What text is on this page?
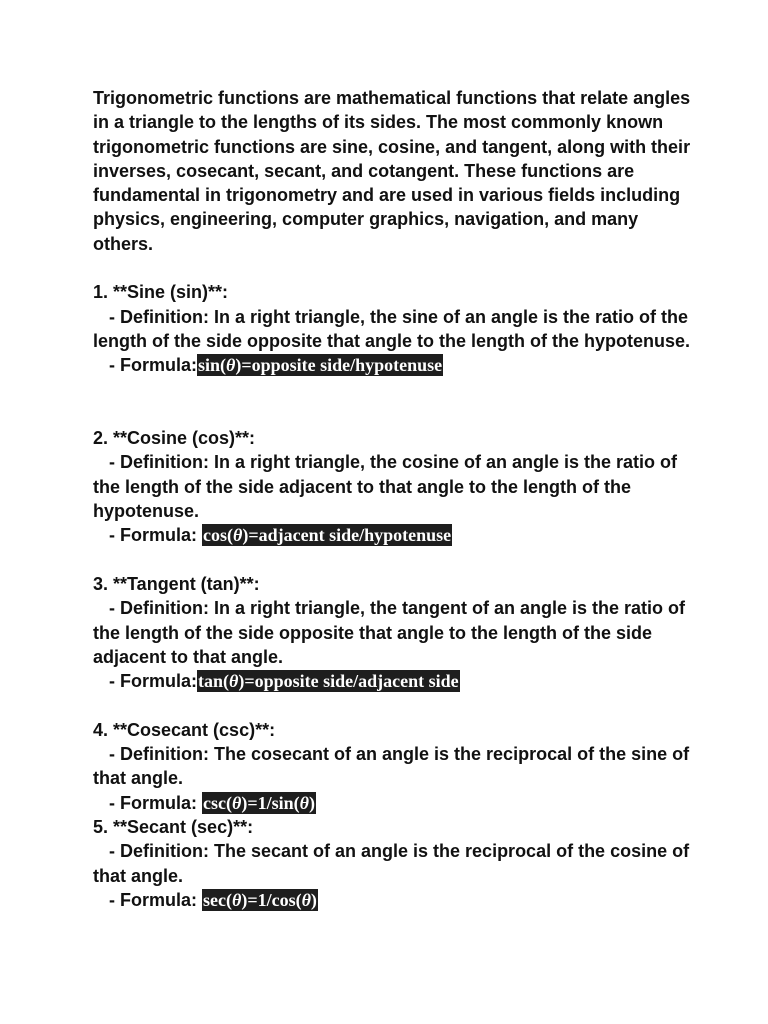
Trigonometric functions are mathematical functions that relate angles in a triangle to the lengths of its sides. The most commonly known trigonometric functions are sine, cosine, and tangent, along with their inverses, cosecant, secant, and cotangent. These functions are fundamental in trigonometry and are used in various fields including physics, engineering, computer graphics, navigation, and many others.

1. **Sine (sin)**:
- Definition: In a right triangle, the sine of an angle is the ratio of the length of the side opposite that angle to the length of the hypotenuse.
- Formula:sin(θ)=opposite side/hypotenuse
2. **Cosine (cos)**:
- Definition: In a right triangle, the cosine of an angle is the ratio of the length of the side adjacent to that angle to the length of the hypotenuse.
- Formula: cos(θ)=adjacent side/hypotenuse
3. **Tangent (tan)**:
- Definition: In a right triangle, the tangent of an angle is the ratio of the length of the side opposite that angle to the length of the side adjacent to that angle.
- Formula:tan(θ)=opposite side/adjacent side
4. **Cosecant (csc)**:
- Definition: The cosecant of an angle is the reciprocal of the sine of that angle.
- Formula: csc(θ)=1/sin(θ)
5. **Secant (sec)**:
- Definition: The secant of an angle is the reciprocal of the cosine of that angle.
- Formula: sec(θ)=1/cos(θ)
